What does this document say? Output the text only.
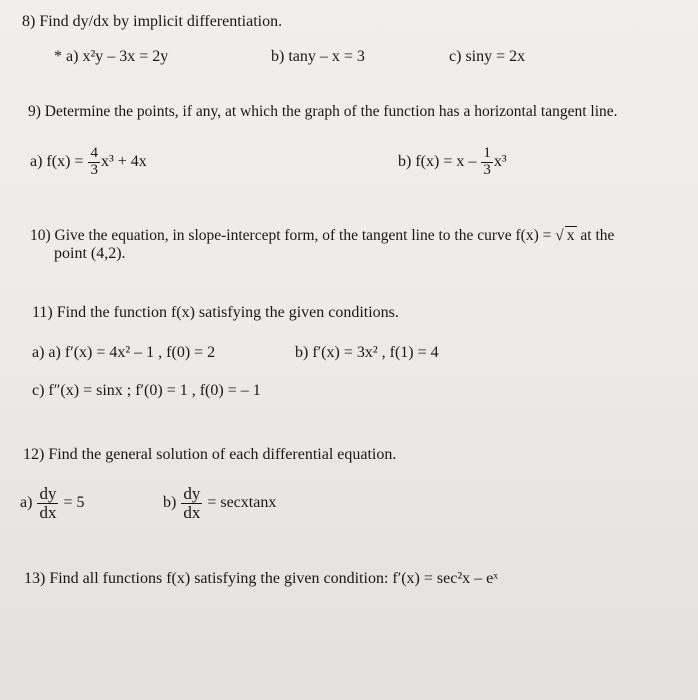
8) Find dy/dx by implicit differentiation.
* a) x²y – 3x = 2y	b) tany – x = 3	c) siny = 2x
9) Determine the points, if any, at which the graph of the function has a horizontal tangent line.
a) $f(x) = \frac{4}{3} x^3 + 4x$	b) $f(x) = x - \frac{1}{3} x^3$
10) Give the equation, in slope-intercept form, of the tangent line to the curve f(x) = √ x at the
point (4,2).
11) Find the function f(x) satisfying the given conditions.
a) a) f′(x) = 4x² – 1 , f(0) = 2	b) f′(x) = 3x² , f(1) = 4
c) f″(x) = sinx ; f′(0) = 1 , f(0) = – 1
12) Find the general solution of each differential equation.
$a) \frac{dy}{dx} = 5$	$b) \frac{dy}{dx}$ = secxtanx
13) Find all functions f(x) satisfying the given condition: f′(x) = sec²x – eˣ
